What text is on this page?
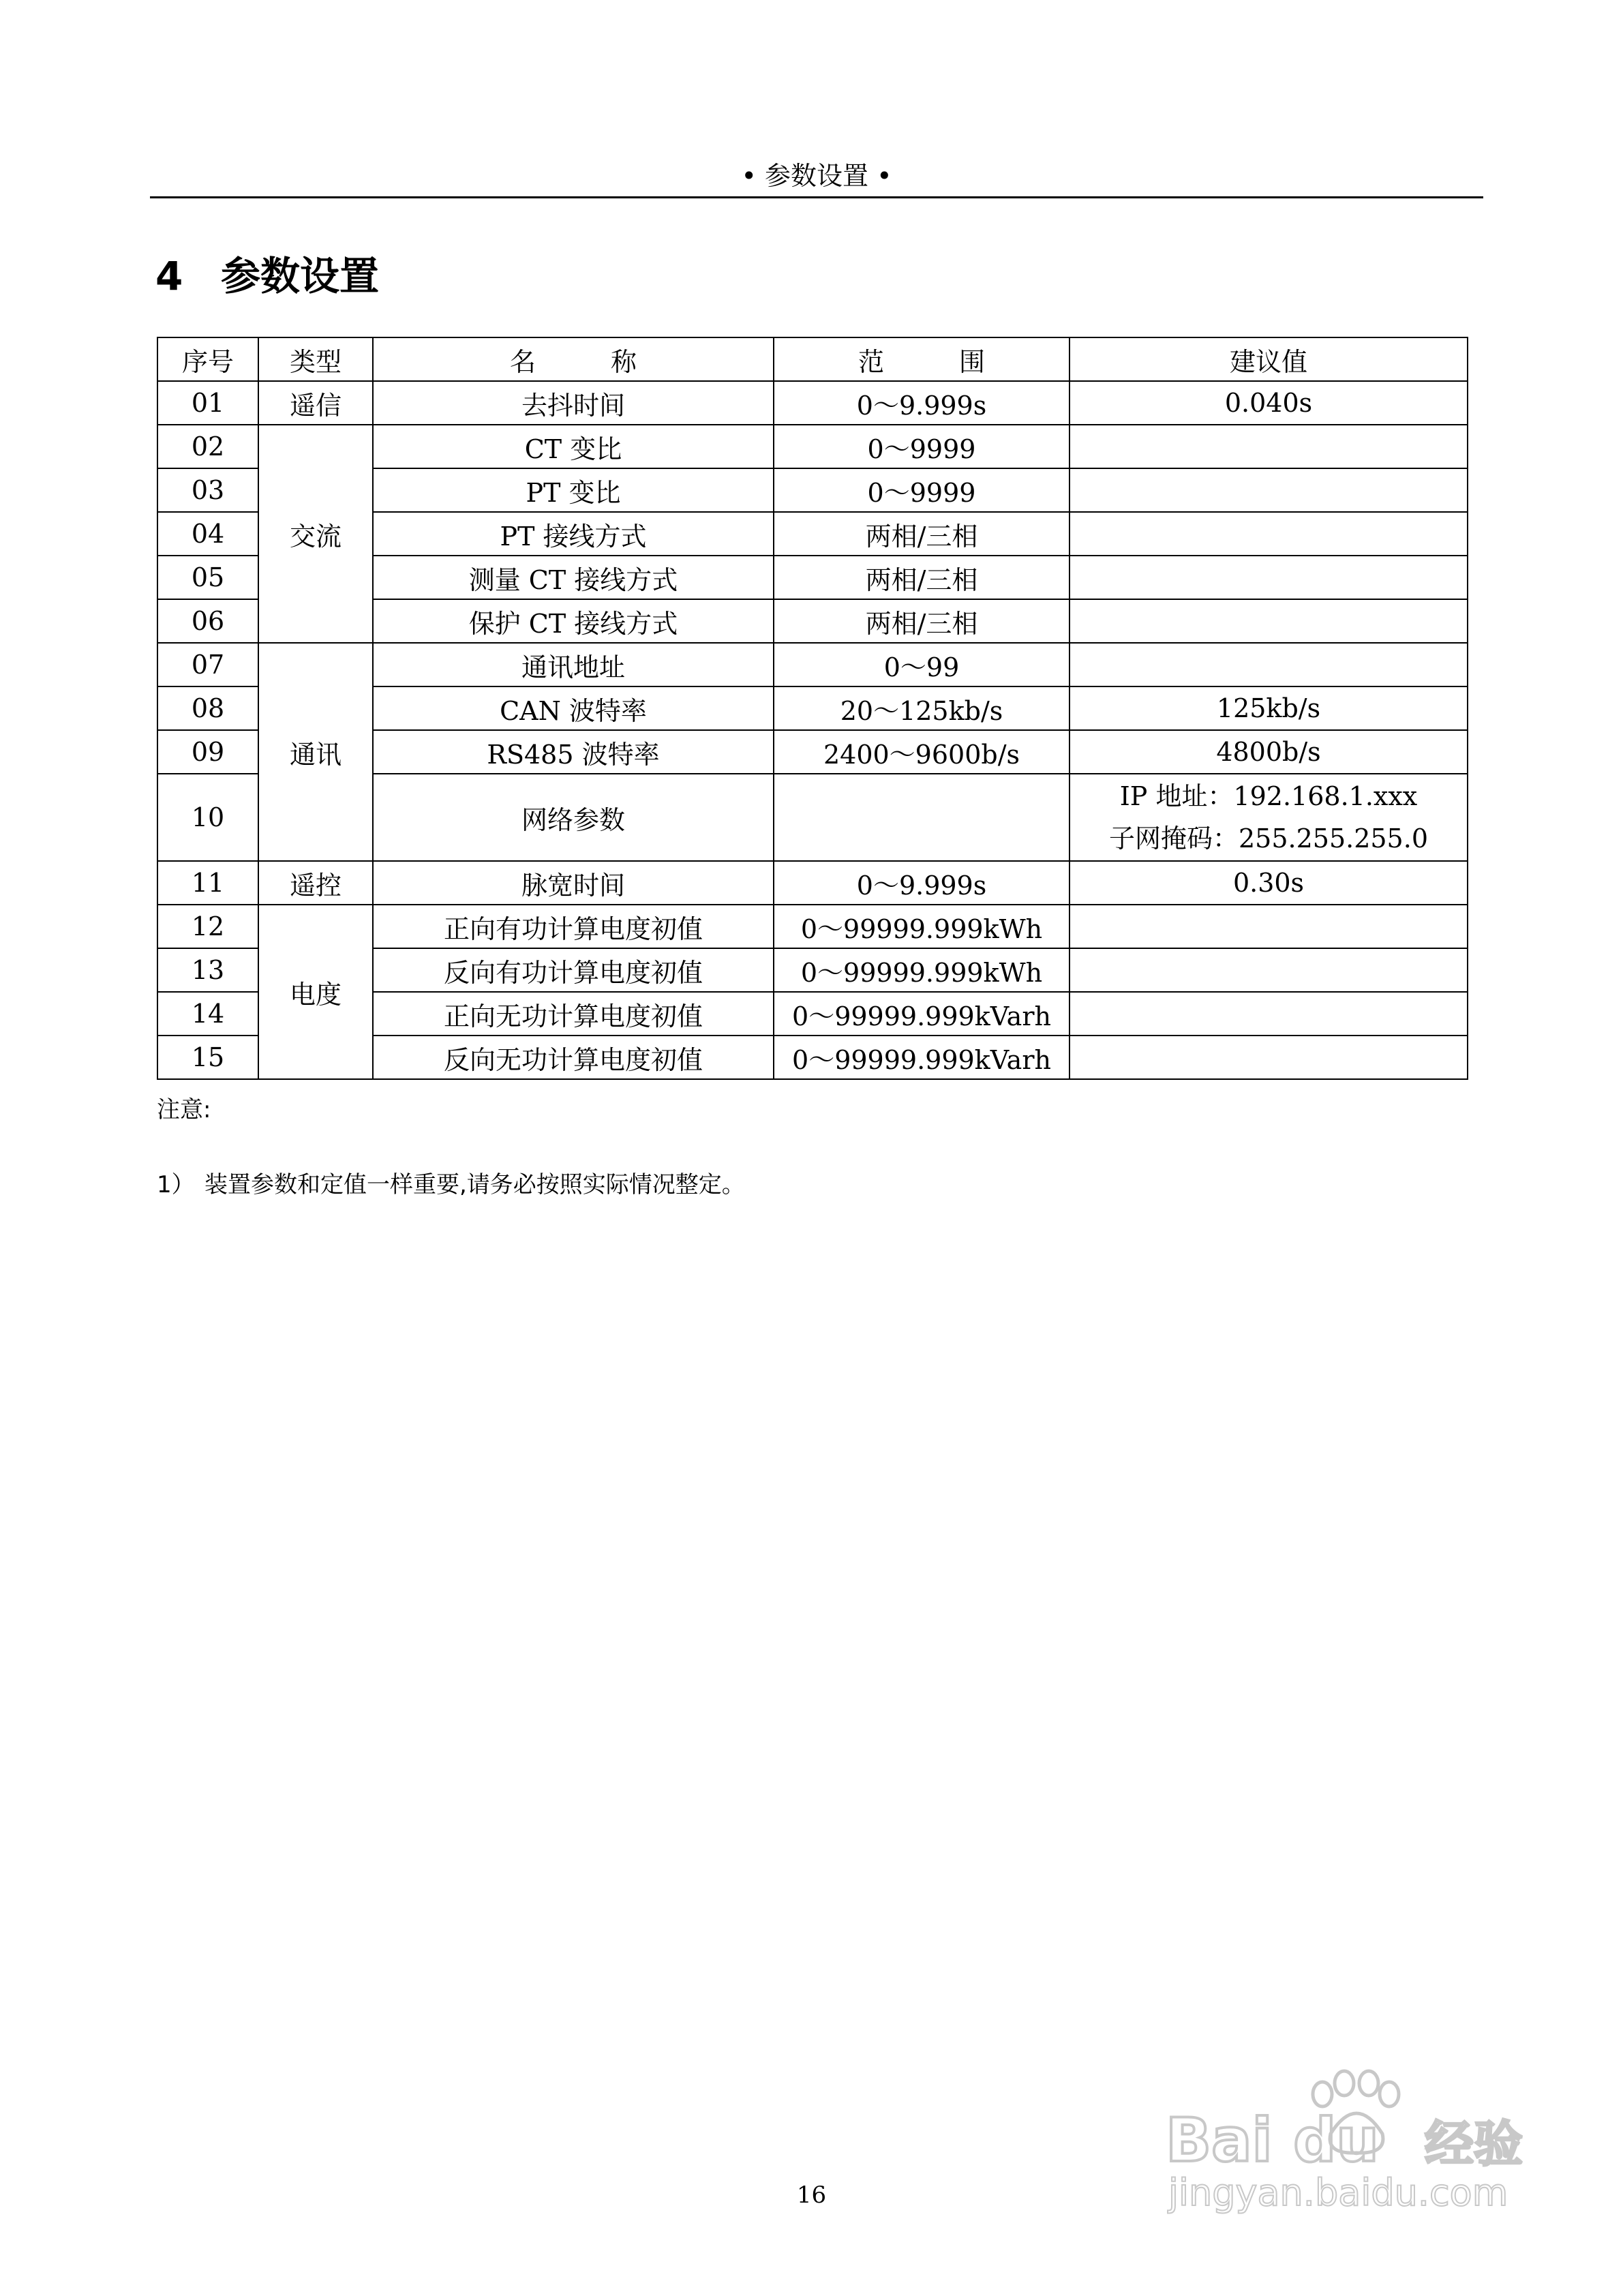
• 参数设置 •
4 参数设置
序号	类型	名 称	范 围	建议值
01	遥信	去抖时间	0～9.999s	0.040s
02	交流	CT 变比	0～9999	
03		PT 变比	0～9999	
04		PT 接线方式	两相/三相	
05		测量 CT 接线方式	两相/三相	
06		保护 CT 接线方式	两相/三相	
07	通讯	通讯地址	0～99	
08		CAN 波特率	20～125kb/s	125kb/s
09		RS485 波特率	2400～9600b/s	4800b/s
10		网络参数		IP 地址：192.168.1.xxx
子网掩码：255.255.255.0

11	遥控	脉宽时间	0～9.999s	0.30s
12	电度	正向有功计算电度初值	0～99999.999kWh	
13		反向有功计算电度初值	0～99999.999kWh	
14		正向无功计算电度初值	0～99999.999kVarh	
15		反向无功计算电度初值	0～99999.999kVarh	
注意:
1） 装置参数和定值一样重要,请务必按照实际情况整定。
16
Bai du 经验
jingyan.baidu.com
